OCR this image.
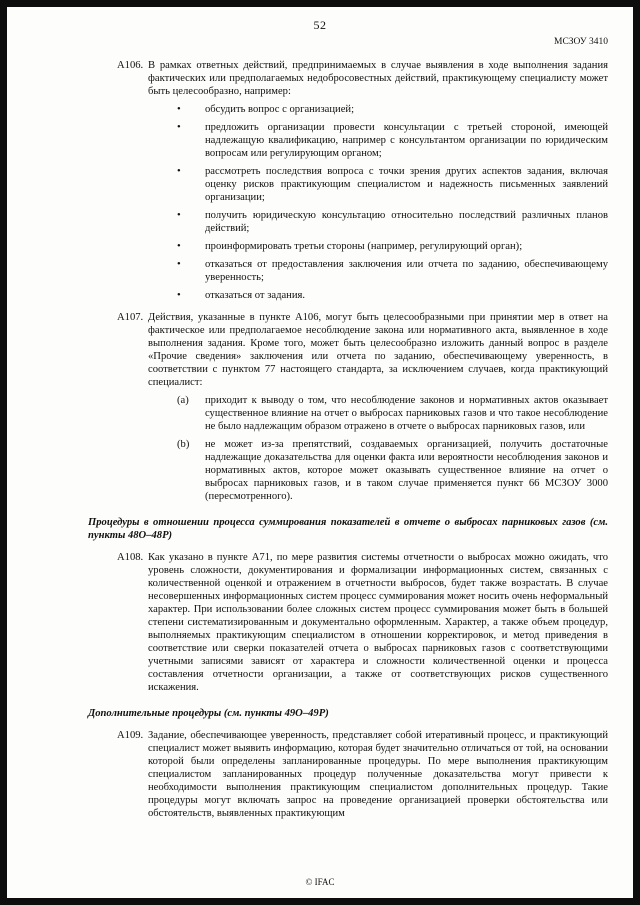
52
МСЗОУ 3410
А106. В рамках ответных действий, предпринимаемых в случае выявления в ходе выполнения задания фактических или предполагаемых недобросовестных действий, практикующему специалисту может быть целесообразно, например:
•	обсудить вопрос с организацией;
•	предложить организации провести консультации с третьей стороной, имеющей надлежащую квалификацию, например с консультантом организации по юридическим вопросам или регулирующим органом;
•	рассмотреть последствия вопроса с точки зрения других аспектов задания, включая оценку рисков практикующим специалистом и надежность письменных заявлений организации;
•	получить юридическую консультацию относительно последствий различных планов действий;
•	проинформировать третьи стороны (например, регулирующий орган);
•	отказаться от предоставления заключения или отчета по заданию, обеспечивающему уверенность;
•	отказаться от задания.
А107. Действия, указанные в пункте А106, могут быть целесообразными при принятии мер в ответ на фактическое или предполагаемое несоблюдение закона или нормативного акта, выявленное в ходе выполнения задания. Кроме того, может быть целесообразно изложить данный вопрос в разделе «Прочие сведения» заключения или отчета по заданию, обеспечивающему уверенность, в соответствии с пунктом 77 настоящего стандарта, за исключением случаев, когда практикующий специалист:
(a)	приходит к выводу о том, что несоблюдение законов и нормативных актов оказывает существенное влияние на отчет о выбросах парниковых газов и что такое несоблюдение не было надлежащим образом отражено в отчете о выбросах парниковых газов, или
(b)	не может из-за препятствий, создаваемых организацией, получить достаточные надлежащие доказательства для оценки факта или вероятности несоблюдения законов и нормативных актов, которое может оказывать существенное влияние на отчет о выбросах парниковых газов, и в таком случае применяется пункт 66 МСЗОУ 3000 (пересмотренного).
Процедуры в отношении процесса суммирования показателей в отчете о выбросах парниковых газов (см. пункты 48О–48Р)
А108. Как указано в пункте А71, по мере развития системы отчетности о выбросах можно ожидать, что уровень сложности, документирования и формализации информационных систем, связанных с количественной оценкой и отражением в отчетности выбросов, будет также возрастать. В случае несовершенных информационных систем процесс суммирования может носить очень неформальный характер. При использовании более сложных систем процесс суммирования может быть в большей степени систематизированным и документально оформленным. Характер, а также объем процедур, выполняемых практикующим специалистом в отношении корректировок, и метод приведения в соответствие или сверки показателей отчета о выбросах парниковых газов с соответствующими учетными записями зависят от характера и сложности количественной оценки и процесса составления отчетности организации, а также от соответствующих рисков существенного искажения.
Дополнительные процедуры (см. пункты 49О–49Р)
А109. Задание, обеспечивающее уверенность, представляет собой итеративный процесс, и практикующий специалист может выявить информацию, которая будет значительно отличаться от той, на основании которой были определены запланированные процедуры. По мере выполнения практикующим специалистом запланированных процедур полученные доказательства могут привести к необходимости выполнения практикующим специалистом дополнительных процедур. Такие процедуры могут включать запрос на проведение организацией проверки обстоятельства или обстоятельств, выявленных практикующим
© IFAC
